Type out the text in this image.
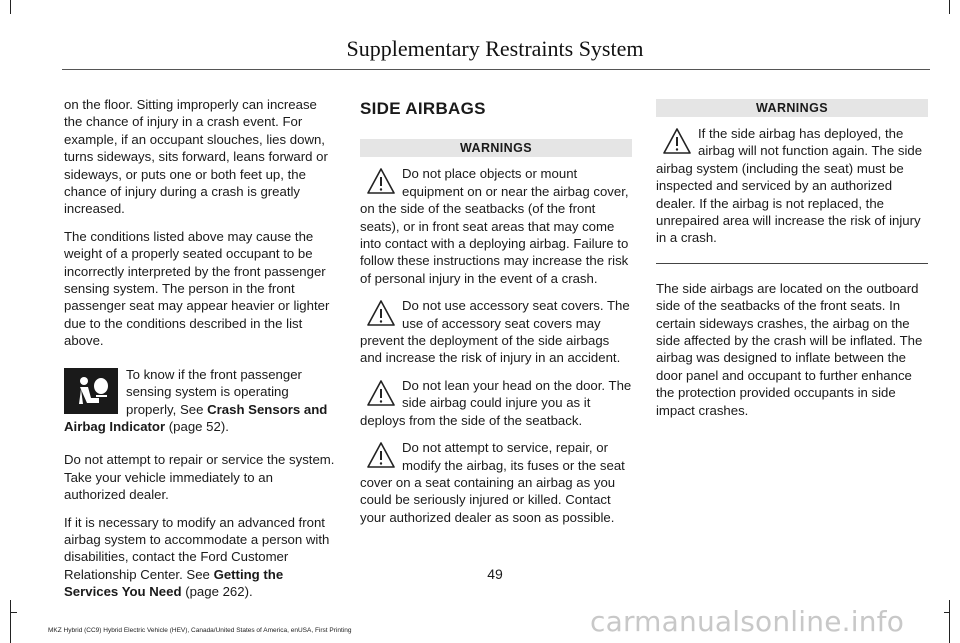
Supplementary Restraints System

on the floor. Sitting improperly can increase the chance of injury in a crash event. For example, if an occupant slouches, lies down, turns sideways, sits forward, leans forward or sideways, or puts one or both feet up, the chance of injury during a crash is greatly increased.

The conditions listed above may cause the weight of a properly seated occupant to be incorrectly interpreted by the front passenger sensing system. The person in the front passenger seat may appear heavier or lighter due to the conditions described in the list above.

To know if the front passenger sensing system is operating properly, See Crash Sensors and Airbag Indicator (page 52).

Do not attempt to repair or service the system. Take your vehicle immediately to an authorized dealer.

If it is necessary to modify an advanced front airbag system to accommodate a person with disabilities, contact the Ford Customer Relationship Center. See Getting the Services You Need (page 262).

SIDE AIRBAGS
WARNINGS
Do not place objects or mount equipment on or near the airbag cover, on the side of the seatbacks (of the front seats), or in front seat areas that may come into contact with a deploying airbag. Failure to follow these instructions may increase the risk of personal injury in the event of a crash.
Do not use accessory seat covers. The use of accessory seat covers may prevent the deployment of the side airbags and increase the risk of injury in an accident.
Do not lean your head on the door. The side airbag could injure you as it deploys from the side of the seatback.
Do not attempt to service, repair, or modify the airbag, its fuses or the seat cover on a seat containing an airbag as you could be seriously injured or killed. Contact your authorized dealer as soon as possible.
WARNINGS
If the side airbag has deployed, the airbag will not function again. The side airbag system (including the seat) must be inspected and serviced by an authorized dealer. If the airbag is not replaced, the unrepaired area will increase the risk of injury in a crash.

The side airbags are located on the outboard side of the seatbacks of the front seats. In certain sideways crashes, the airbag on the side affected by the crash will be inflated. The airbag was designed to inflate between the door panel and occupant to further enhance the protection provided occupants in side impact crashes.

49
MKZ Hybrid (CC9) Hybrid Electric Vehicle (HEV), Canada/United States of America, enUSA, First Printing	carmanualsonline.info
